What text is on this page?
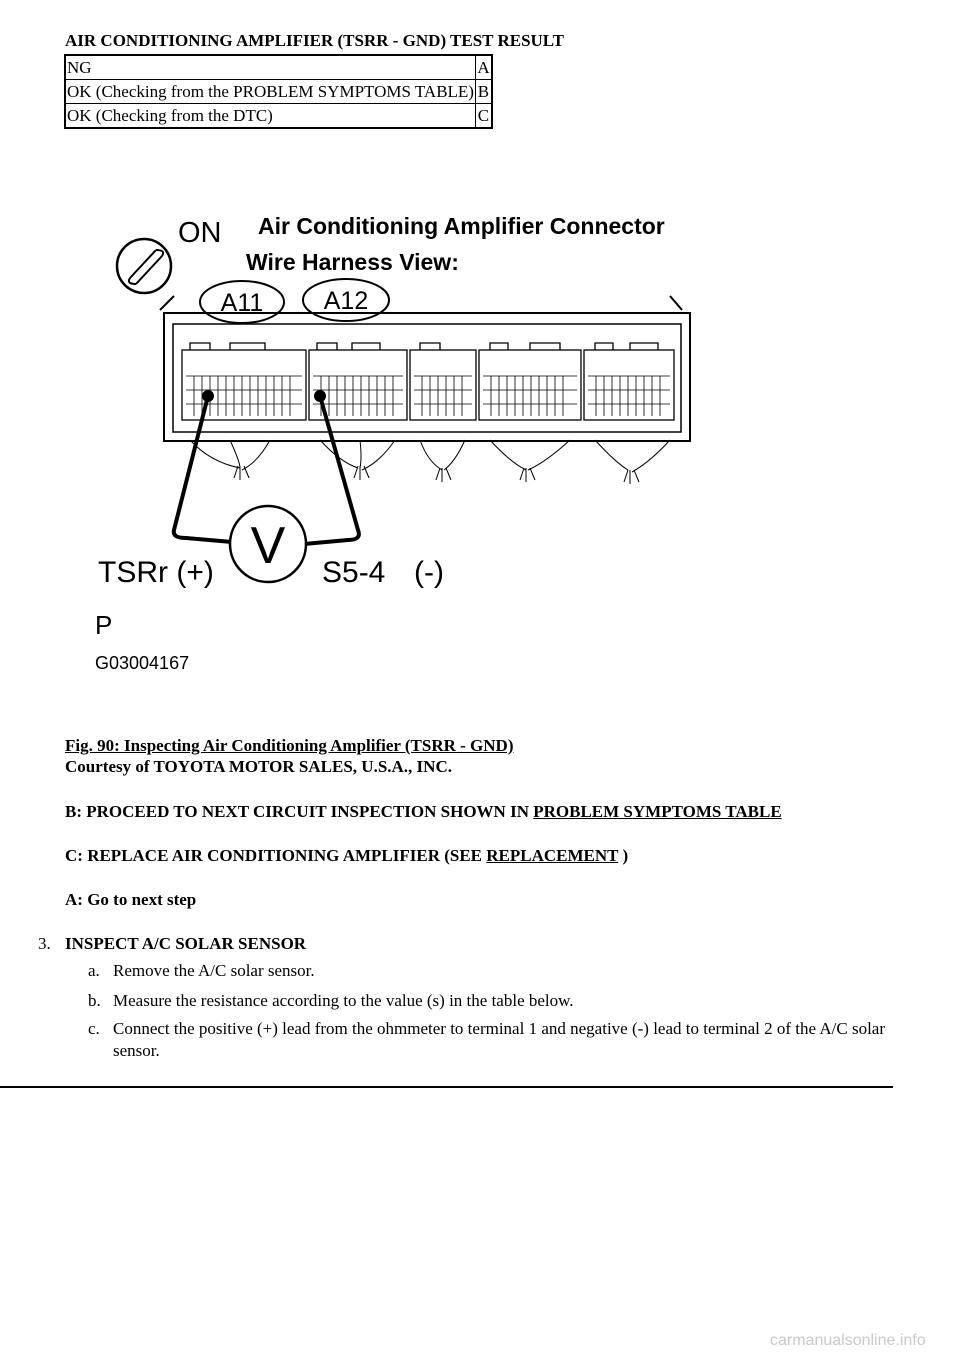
AIR CONDITIONING AMPLIFIER (TSRR - GND) TEST RESULT
NG	A
OK (Checking from the PROBLEM SYMPTOMS TABLE)	B
OK (Checking from the DTC)	C
ON Air Conditioning Amplifier Connector
Wire Harness View:
A11 A12
V
TSRr (+)	S5-4 (-)
P
G03004167
Fig. 90: Inspecting Air Conditioning Amplifier (TSRR - GND)
Courtesy of TOYOTA MOTOR SALES, U.S.A., INC.
B: PROCEED TO NEXT CIRCUIT INSPECTION SHOWN IN PROBLEM SYMPTOMS TABLE
C: REPLACE AIR CONDITIONING AMPLIFIER (SEE REPLACEMENT )
A: Go to next step
3. INSPECT A/C SOLAR SENSOR
a. Remove the A/C solar sensor.
b. Measure the resistance according to the value (s) in the table below.
c. Connect the positive (+) lead from the ohmmeter to terminal 1 and negative (-) lead to terminal 2 of the A/C solar sensor.
carmanualsonline.info
